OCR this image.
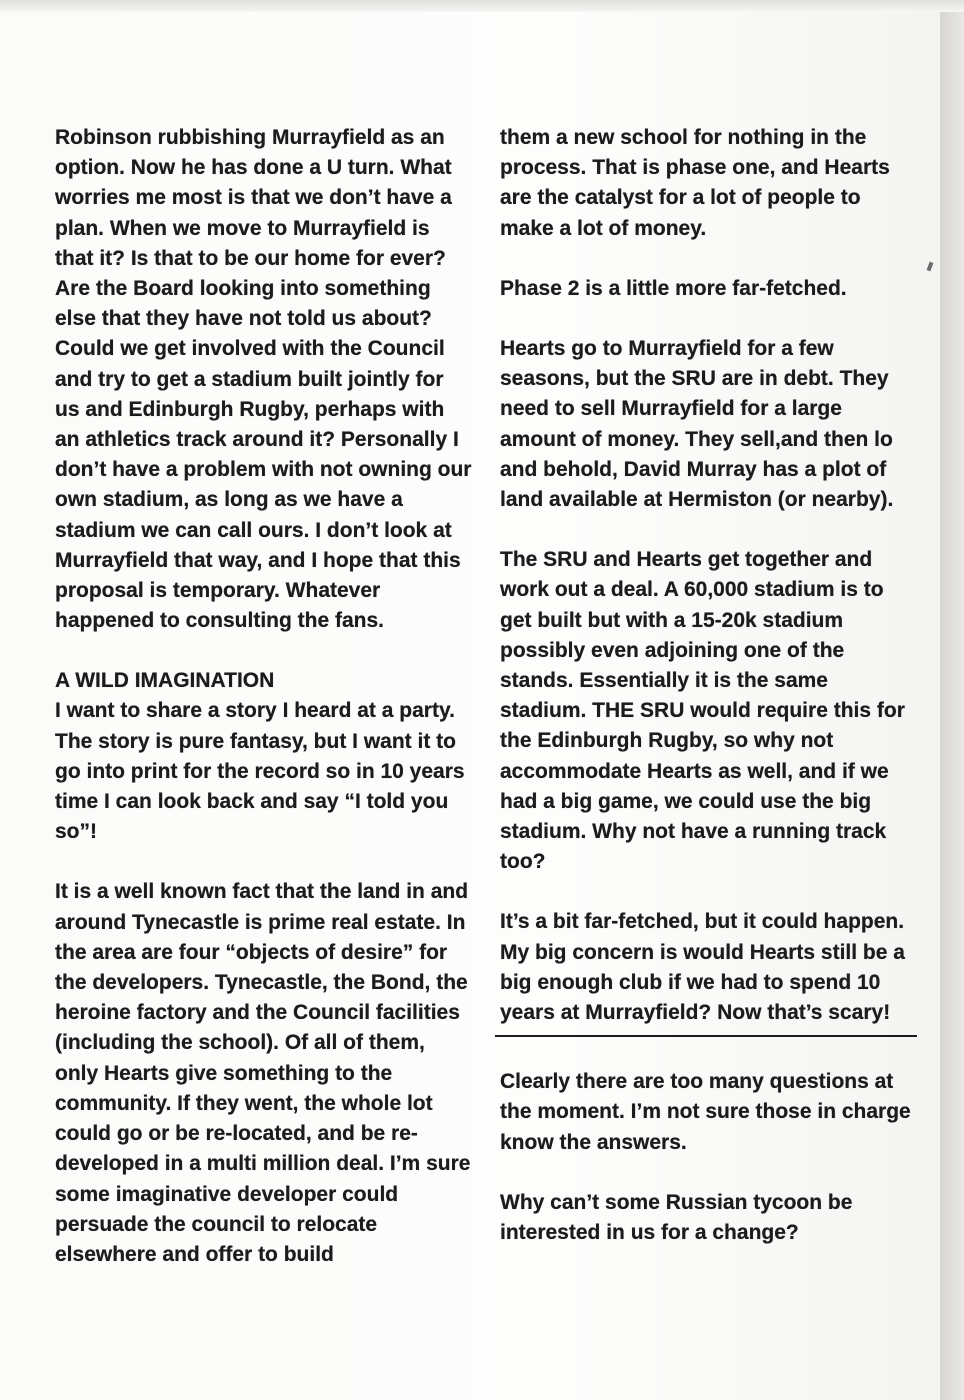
Robinson rubbishing Murrayfield as an option. Now he has done a U turn. What worries me most is that we don’t have a plan. When we move to Murrayfield is that it? Is that to be our home for ever? Are the Board looking into something else that they have not told us about? Could we get involved with the Council and try to get a stadium built jointly for us and Edinburgh Rugby, perhaps with an athletics track around it? Personally I don’t have a problem with not owning our own stadium, as long as we have a stadium we can call ours. I don’t look at Murrayfield that way, and I hope that this proposal is temporary. Whatever happened to consulting the fans.

A WILD IMAGINATION

I want to share a story I heard at a party. The story is pure fantasy, but I want it to go into print for the record so in 10 years time I can look back and say “I told you so”!

It is a well known fact that the land in and around Tynecastle is prime real estate. In the area are four “objects of desire” for the developers. Tynecastle, the Bond, the heroine factory and the Council facilities (including the school). Of all of them, only Hearts give something to the community. If they went, the whole lot could go or be re-located, and be re-developed in a multi million deal. I’m sure some imaginative developer could persuade the council to relocate elsewhere and offer to build

them a new school for nothing in the process. That is phase one, and Hearts are the catalyst for a lot of people to make a lot of money.

Phase 2 is a little more far-fetched.

Hearts go to Murrayfield for a few seasons, but the SRU are in debt. They need to sell Murrayfield for a large amount of money. They sell,and then lo and behold, David Murray has a plot of land available at Hermiston (or nearby).

The SRU and Hearts get together and work out a deal. A 60,000 stadium is to get built but with a 15-20k stadium possibly even adjoining one of the stands. Essentially it is the same stadium. THE SRU would require this for the Edinburgh Rugby, so why not accommodate Hearts as well, and if we had a big game, we could use the big stadium. Why not have a running track too?

It’s a bit far-fetched, but it could happen. My big concern is would Hearts still be a big enough club if we had to spend 10 years at Murrayfield? Now that’s scary!

Clearly there are too many questions at the moment. I’m not sure those in charge know the answers.

Why can’t some Russian tycoon be interested in us for a change?
